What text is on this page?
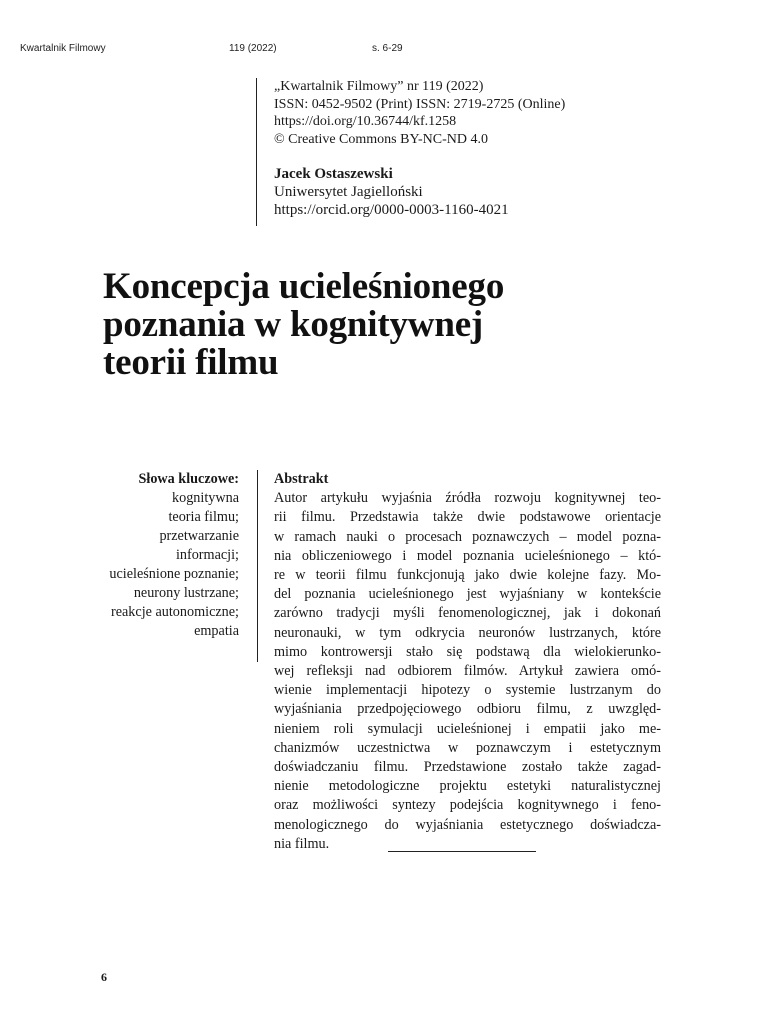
Kwartalnik Filmowy	119 (2022)	s. 6-29
„Kwartalnik Filmowy” nr 119 (2022)
ISSN: 0452-9502 (Print) ISSN: 2719-2725 (Online)
https://doi.org/10.36744/kf.1258
© Creative Commons BY-NC-ND 4.0
Jacek Ostaszewski
Uniwersytet Jagielloński
https://orcid.org/0000-0003-1160-4021
Koncepcja ucieleśnionego
poznania w kognitywnej
teorii filmu
Słowa kluczowe:
kognitywna
teoria filmu;
przetwarzanie
informacji;
ucieleśnione poznanie;
neurony lustrzane;
reakcje autonomiczne;
empatia
Abstrakt
Autor artykułu wyjaśnia źródła rozwoju kognitywnej teo-
rii filmu. Przedstawia także dwie podstawowe orientacje
w ramach nauki o procesach poznawczych – model pozna-
nia obliczeniowego i model poznania ucieleśnionego – któ-
re w teorii filmu funkcjonują jako dwie kolejne fazy. Mo-
del poznania ucieleśnionego jest wyjaśniany w kontekście
zarówno tradycji myśli fenomenologicznej, jak i dokonań
neuronauki, w tym odkrycia neuronów lustrzanych, które
mimo kontrowersji stało się podstawą dla wielokierunko-
wej refleksji nad odbiorem filmów. Artykuł zawiera omó-
wienie implementacji hipotezy o systemie lustrzanym do
wyjaśniania przedpojęciowego odbioru filmu, z uwzględ-
nieniem roli symulacji ucieleśnionej i empatii jako me-
chanizmów uczestnictwa w poznawczym i estetycznym
doświadczaniu filmu. Przedstawione zostało także zagad-
nienie metodologiczne projektu estetyki naturalistycznej
oraz możliwości syntezy podejścia kognitywnego i feno-
menologicznego do wyjaśniania estetycznego doświadcza-
nia filmu.
6
